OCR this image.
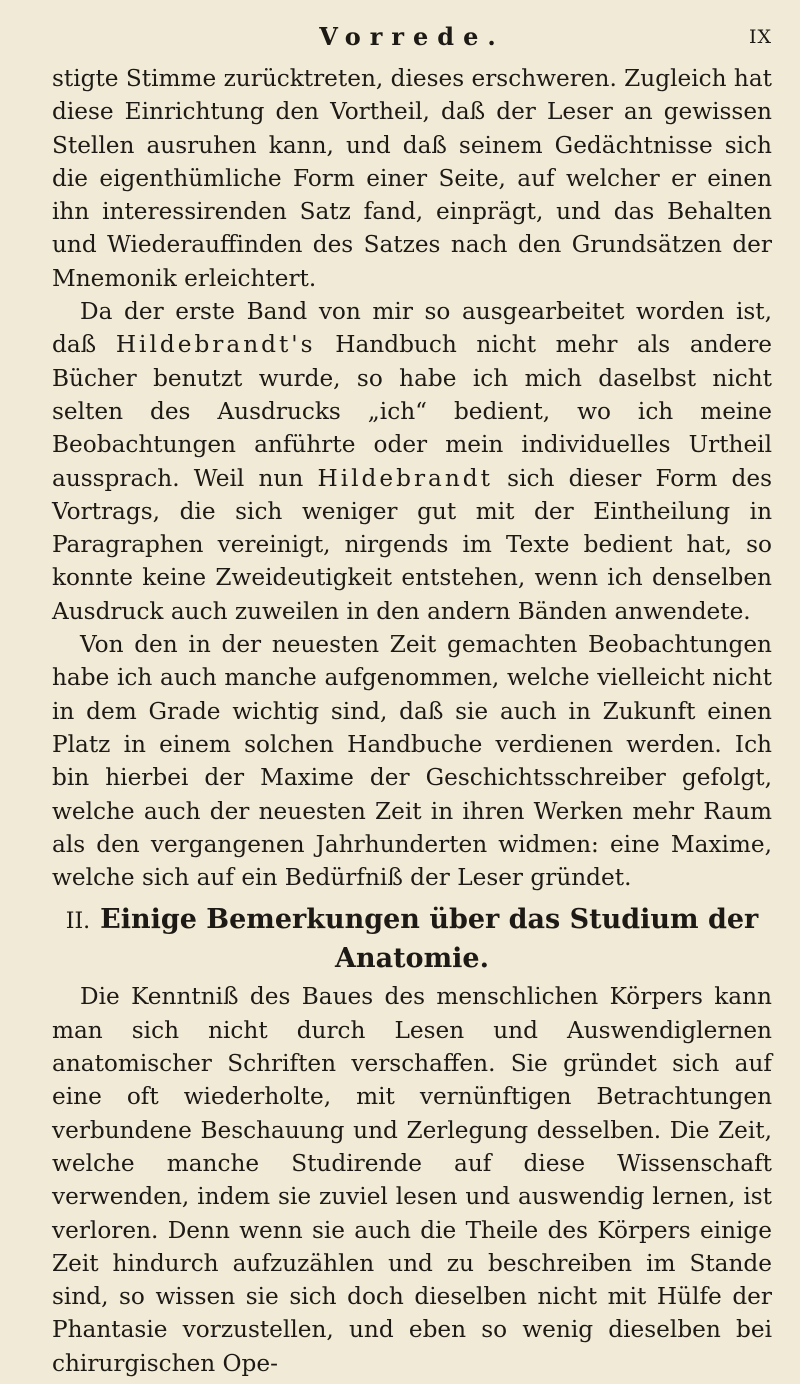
Vorrede.	IX

stigte Stimme zurücktreten, dieses erschweren. Zugleich hat diese Einrichtung den Vortheil, daß der Leser an gewissen Stellen ausruhen kann, und daß seinem Gedächtnisse sich die eigenthümliche Form einer Seite, auf welcher er einen ihn interessirenden Satz fand, einprägt, und das Behalten und Wiederauffinden des Satzes nach den Grundsätzen der Mnemonik erleichtert.

Da der erste Band von mir so ausgearbeitet worden ist, daß Hildebrandt's Handbuch nicht mehr als andere Bücher benutzt wurde, so habe ich mich daselbst nicht selten des Ausdrucks „ich“ bedient, wo ich meine Beobachtungen anführte oder mein individuelles Urtheil aussprach. Weil nun Hildebrandt sich dieser Form des Vortrags, die sich weniger gut mit der Eintheilung in Paragraphen vereinigt, nirgends im Texte bedient hat, so konnte keine Zweideutigkeit entstehen, wenn ich denselben Ausdruck auch zuweilen in den andern Bänden anwendete.

Von den in der neuesten Zeit gemachten Beobachtungen habe ich auch manche aufgenommen, welche vielleicht nicht in dem Grade wichtig sind, daß sie auch in Zukunft einen Platz in einem solchen Handbuche verdienen werden. Ich bin hierbei der Maxime der Geschichtsschreiber gefolgt, welche auch der neuesten Zeit in ihren Werken mehr Raum als den vergangenen Jahrhunderten widmen: eine Maxime, welche sich auf ein Bedürfniß der Leser gründet.

II. Einige Bemerkungen über das Studium der
Anatomie.

Die Kenntniß des Baues des menschlichen Körpers kann man sich nicht durch Lesen und Auswendiglernen anatomischer Schriften verschaffen. Sie gründet sich auf eine oft wiederholte, mit vernünftigen Betrachtungen verbundene Beschauung und Zerlegung desselben. Die Zeit, welche manche Studirende auf diese Wissenschaft verwenden, indem sie zuviel lesen und auswendig lernen, ist verloren. Denn wenn sie auch die Theile des Körpers einige Zeit hindurch aufzuzählen und zu beschreiben im Stande sind, so wissen sie sich doch dieselben nicht mit Hülfe der Phantasie vorzustellen, und eben so wenig dieselben bei chirurgischen Ope-
